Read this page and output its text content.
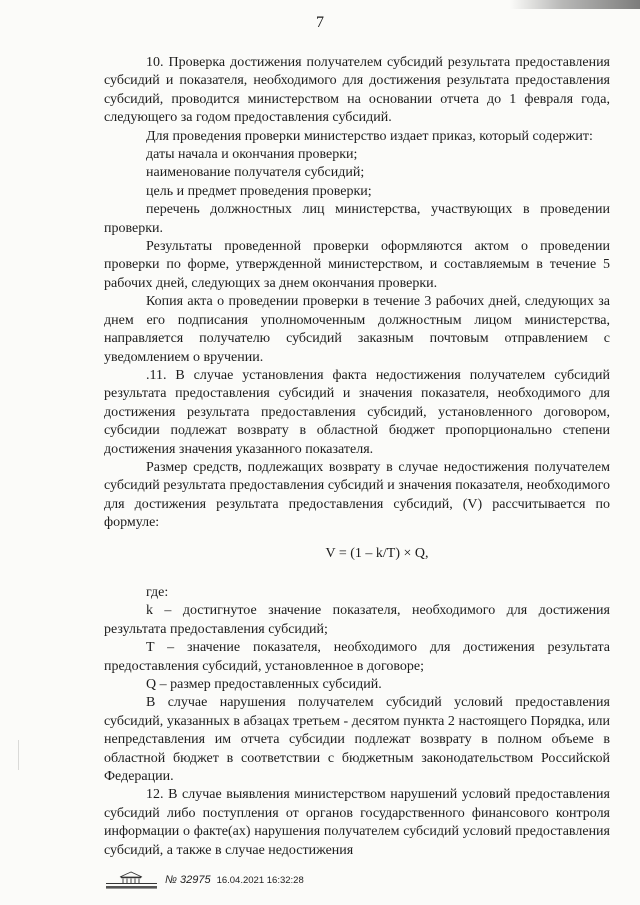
7

10. Проверка достижения получателем субсидий результата предоставления субсидий и показателя, необходимого для достижения результата предоставления субсидий, проводится министерством на основании отчета до 1 февраля года, следующего за годом предоставления субсидий.

Для проведения проверки министерство издает приказ, который содержит:

даты начала и окончания проверки;

наименование получателя субсидий;

цель и предмет проведения проверки;

перечень должностных лиц министерства, участвующих в проведении проверки.

Результаты проведенной проверки оформляются актом о проведении проверки по форме, утвержденной министерством, и составляемым в течение 5 рабочих дней, следующих за днем окончания проверки.

Копия акта о проведении проверки в течение 3 рабочих дней, следующих за днем его подписания уполномоченным должностным лицом министерства, направляется получателю субсидий заказным почтовым отправлением с уведомлением о вручении.

.11. В случае установления факта недостижения получателем субсидий результата предоставления субсидий и значения показателя, необходимого для достижения результата предоставления субсидий, установленного договором, субсидии подлежат возврату в областной бюджет пропорционально степени достижения значения указанного показателя.

Размер средств, подлежащих возврату в случае недостижения получателем субсидий результата предоставления субсидий и значения показателя, необходимого для достижения результата предоставления субсидий, (V) рассчитывается по формуле:

V = (1 – k/T) × Q,

где:

k – достигнутое значение показателя, необходимого для достижения результата предоставления субсидий;

T – значение показателя, необходимого для достижения результата предоставления субсидий, установленное в договоре;

Q – размер предоставленных субсидий.

В случае нарушения получателем субсидий условий предоставления субсидий, указанных в абзацах третьем - десятом пункта 2 настоящего Порядка, или непредставления им отчета субсидии подлежат возврату в полном объеме в областной бюджет в соответствии с бюджетным законодательством Российской Федерации.

12. В случае выявления министерством нарушений условий предоставления субсидий либо поступления от органов государственного финансового контроля информации о факте(ах) нарушения получателем субсидий условий предоставления субсидий, а также в случае недостижения

№ 32975 16.04.2021 16:32:28
